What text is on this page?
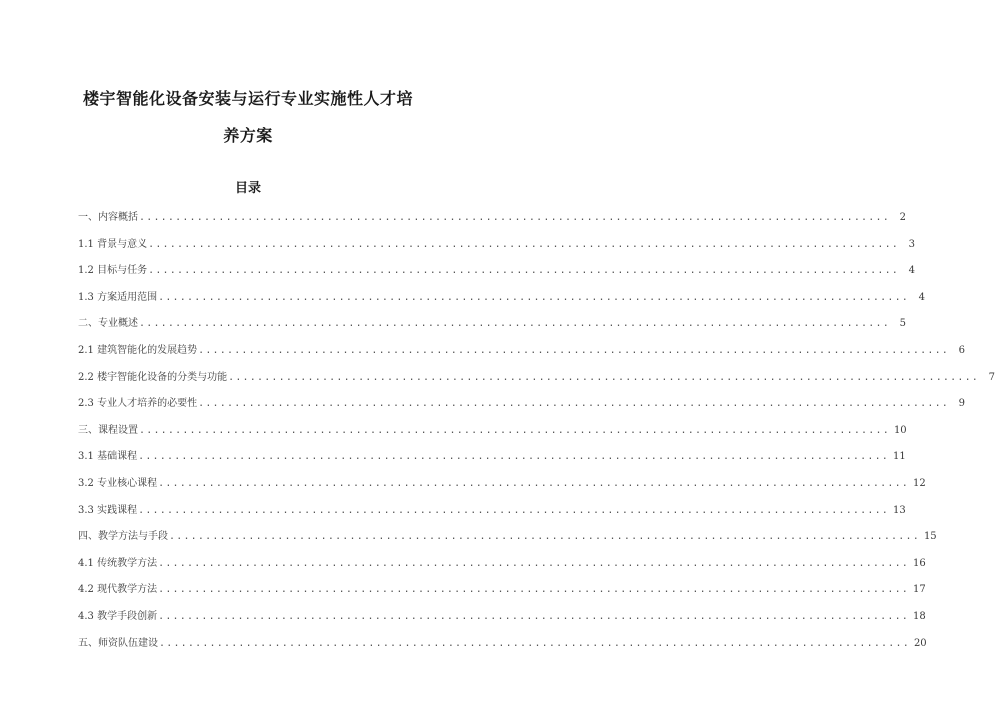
楼宇智能化设备安装与运行专业实施性人才培
养方案
目录
一、内容概括 ........................................................................................................ 2
1.1 背景与意义 ........................................................................................................ 3
1.2 目标与任务 ........................................................................................................ 4
1.3 方案适用范围 ........................................................................................................ 4
二、专业概述 ........................................................................................................ 5
2.1 建筑智能化的发展趋势 ........................................................................................................ 6
2.2 楼宇智能化设备的分类与功能 ........................................................................................................ 7
2.3 专业人才培养的必要性 ........................................................................................................ 9
三、课程设置 ........................................................................................................ 10
3.1 基础课程 ........................................................................................................ 11
3.2 专业核心课程 ........................................................................................................ 12
3.3 实践课程 ........................................................................................................ 13
四、教学方法与手段 ........................................................................................................ 15
4.1 传统教学方法 ........................................................................................................ 16
4.2 现代教学方法 ........................................................................................................ 17
4.3 教学手段创新 ........................................................................................................ 18
五、师资队伍建设 ........................................................................................................ 20
